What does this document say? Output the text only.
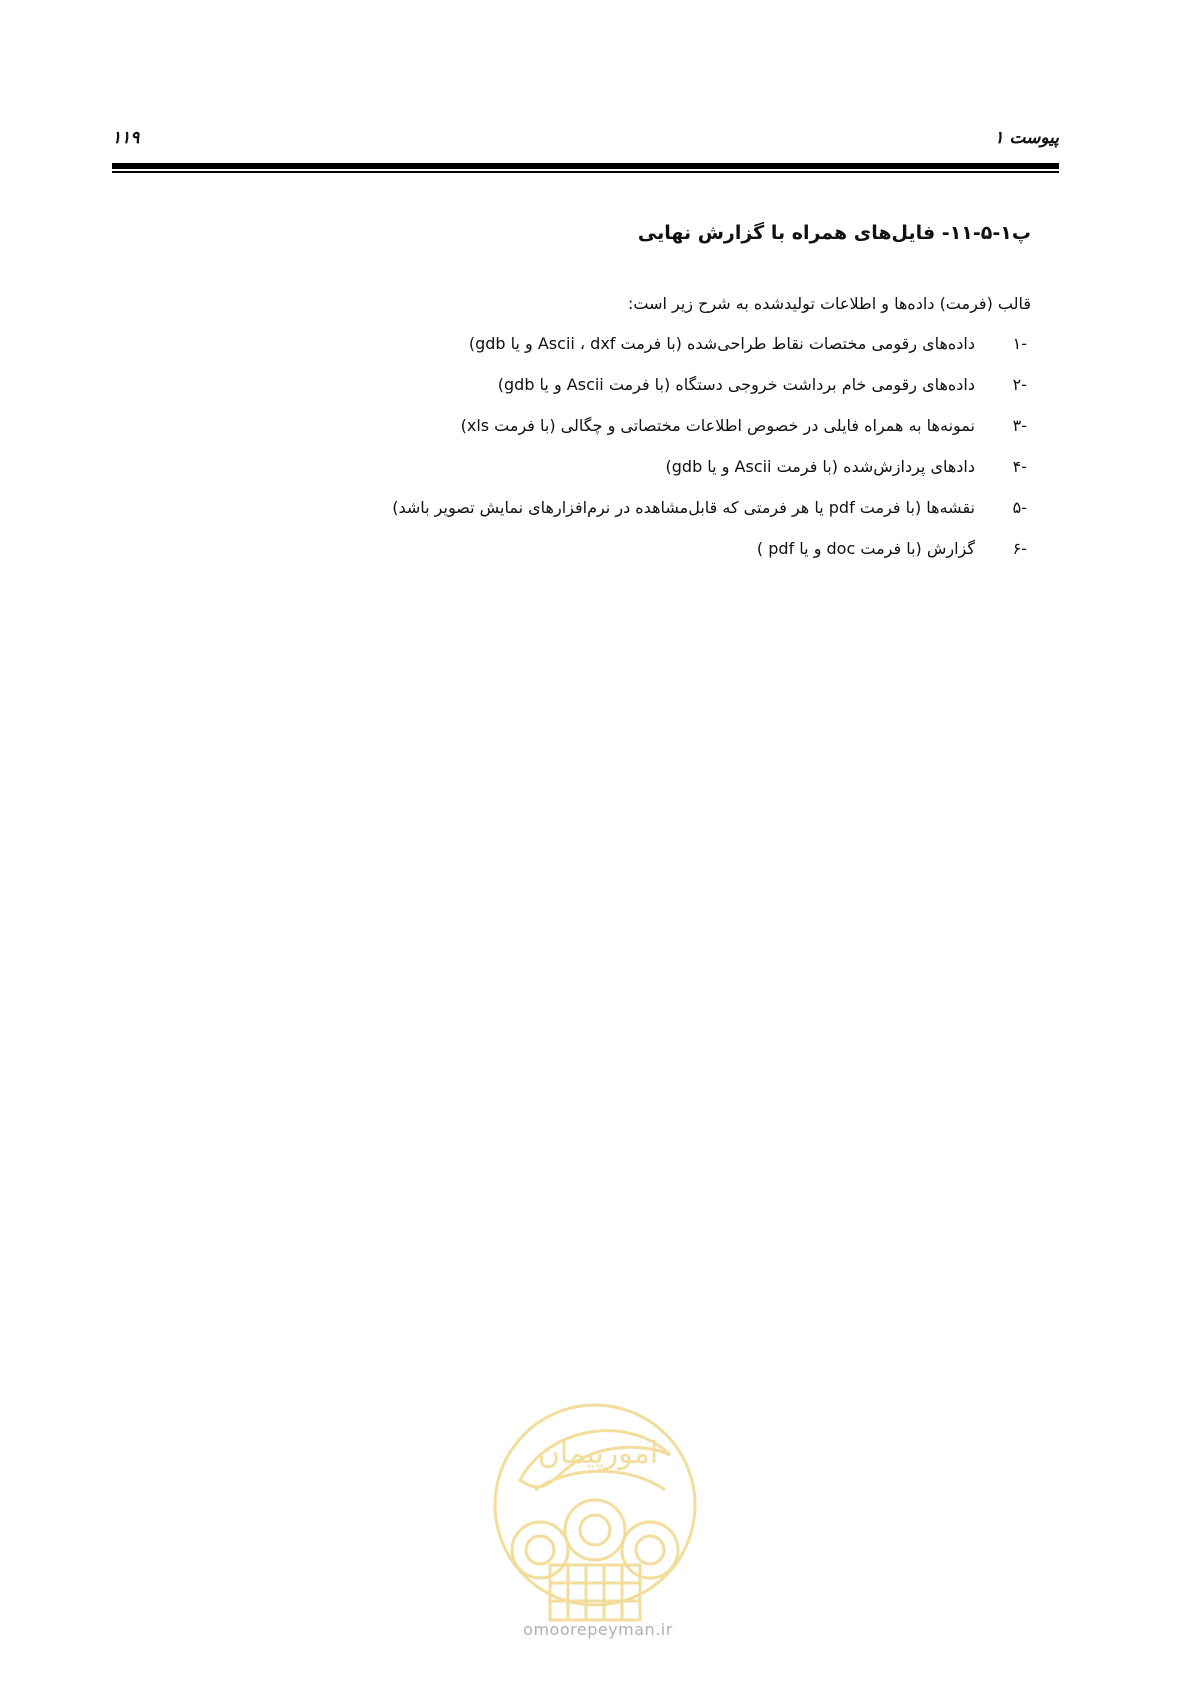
پیوست ۱
۱۱۹
پ۱-۵-۱۱- فایل‌های همراه با گزارش نهایی
قالب (فرمت) داده‌ها و اطلاعات تولیدشده به شرح زیر است:
-۱
داده‌های رقومی مختصات نقاط طراحی‌شده (با فرمت Ascii ، dxf و یا gdb)
-۲
داده‌های رقومی خام برداشت خروجی دستگاه (با فرمت Ascii و یا gdb)
-۳
نمونه‌ها به همراه فایلی در خصوص اطلاعات مختصاتی و چگالی (با فرمت xls)
-۴
دادهای پردازش‌شده (با فرمت Ascii و یا gdb)
-۵
نقشه‌ها (با فرمت pdf یا هر فرمتی که قابل‌مشاهده در نرم‌افزارهای نمایش تصویر باشد)
-۶
گزارش (با فرمت doc و یا pdf )
امورپیمان
omoorepeyman.ir
